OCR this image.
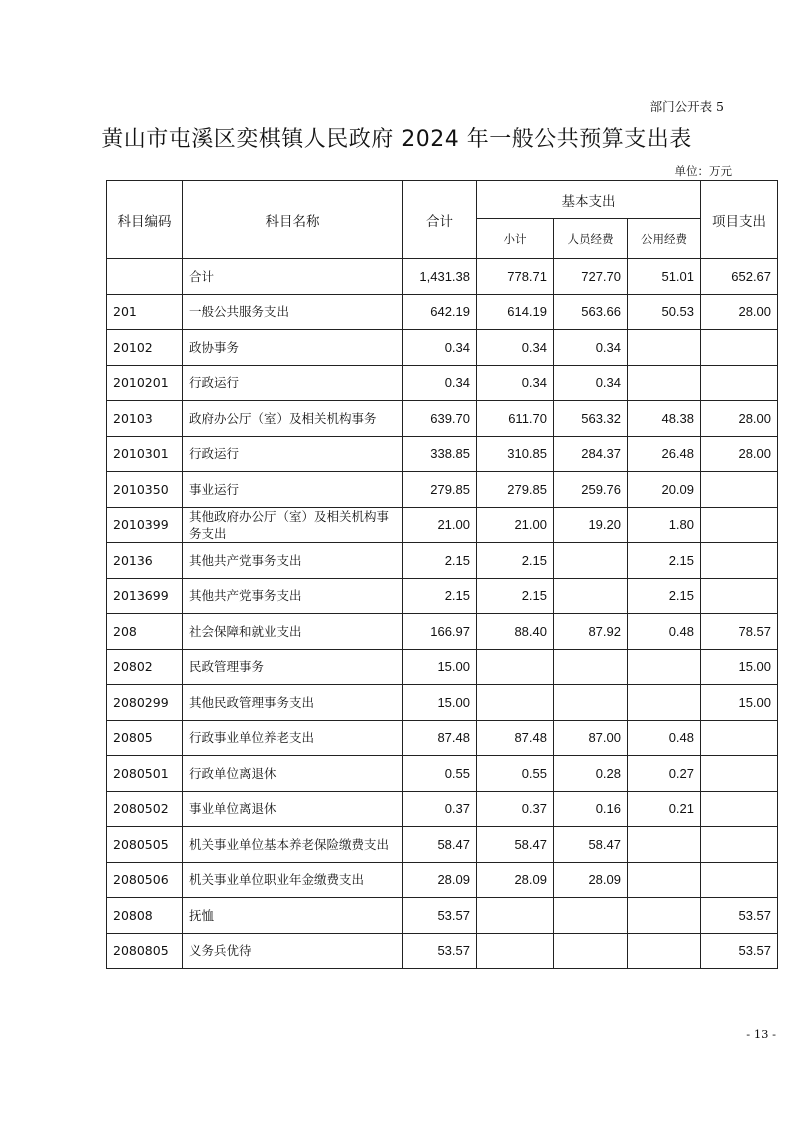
部门公开表 5
黄山市屯溪区奕棋镇人民政府 2024 年一般公共预算支出表
单位：万元
科目编码	科目名称	合计	基本支出			项目支出
			小计	人员经费	公用经费	
	合计	1,431.38	778.71	727.70	51.01	652.67
201	一般公共服务支出	642.19	614.19	563.66	50.53	28.00
20102	政协事务	0.34	0.34	0.34		
2010201	行政运行	0.34	0.34	0.34		
20103	政府办公厅（室）及相关机构事务	639.70	611.70	563.32	48.38	28.00
2010301	行政运行	338.85	310.85	284.37	26.48	28.00
2010350	事业运行	279.85	279.85	259.76	20.09	
2010399	其他政府办公厅（室）及相关机构事务支出	21.00	21.00	19.20	1.80	
20136	其他共产党事务支出	2.15	2.15		2.15	
2013699	其他共产党事务支出	2.15	2.15		2.15	
208	社会保障和就业支出	166.97	88.40	87.92	0.48	78.57
20802	民政管理事务	15.00				15.00
2080299	其他民政管理事务支出	15.00				15.00
20805	行政事业单位养老支出	87.48	87.48	87.00	0.48	
2080501	行政单位离退休	0.55	0.55	0.28	0.27	
2080502	事业单位离退休	0.37	0.37	0.16	0.21	
2080505	机关事业单位基本养老保险缴费支出	58.47	58.47	58.47		
2080506	机关事业单位职业年金缴费支出	28.09	28.09	28.09		
20808	抚恤	53.57				53.57
2080805	义务兵优待	53.57				53.57
- 13 -
